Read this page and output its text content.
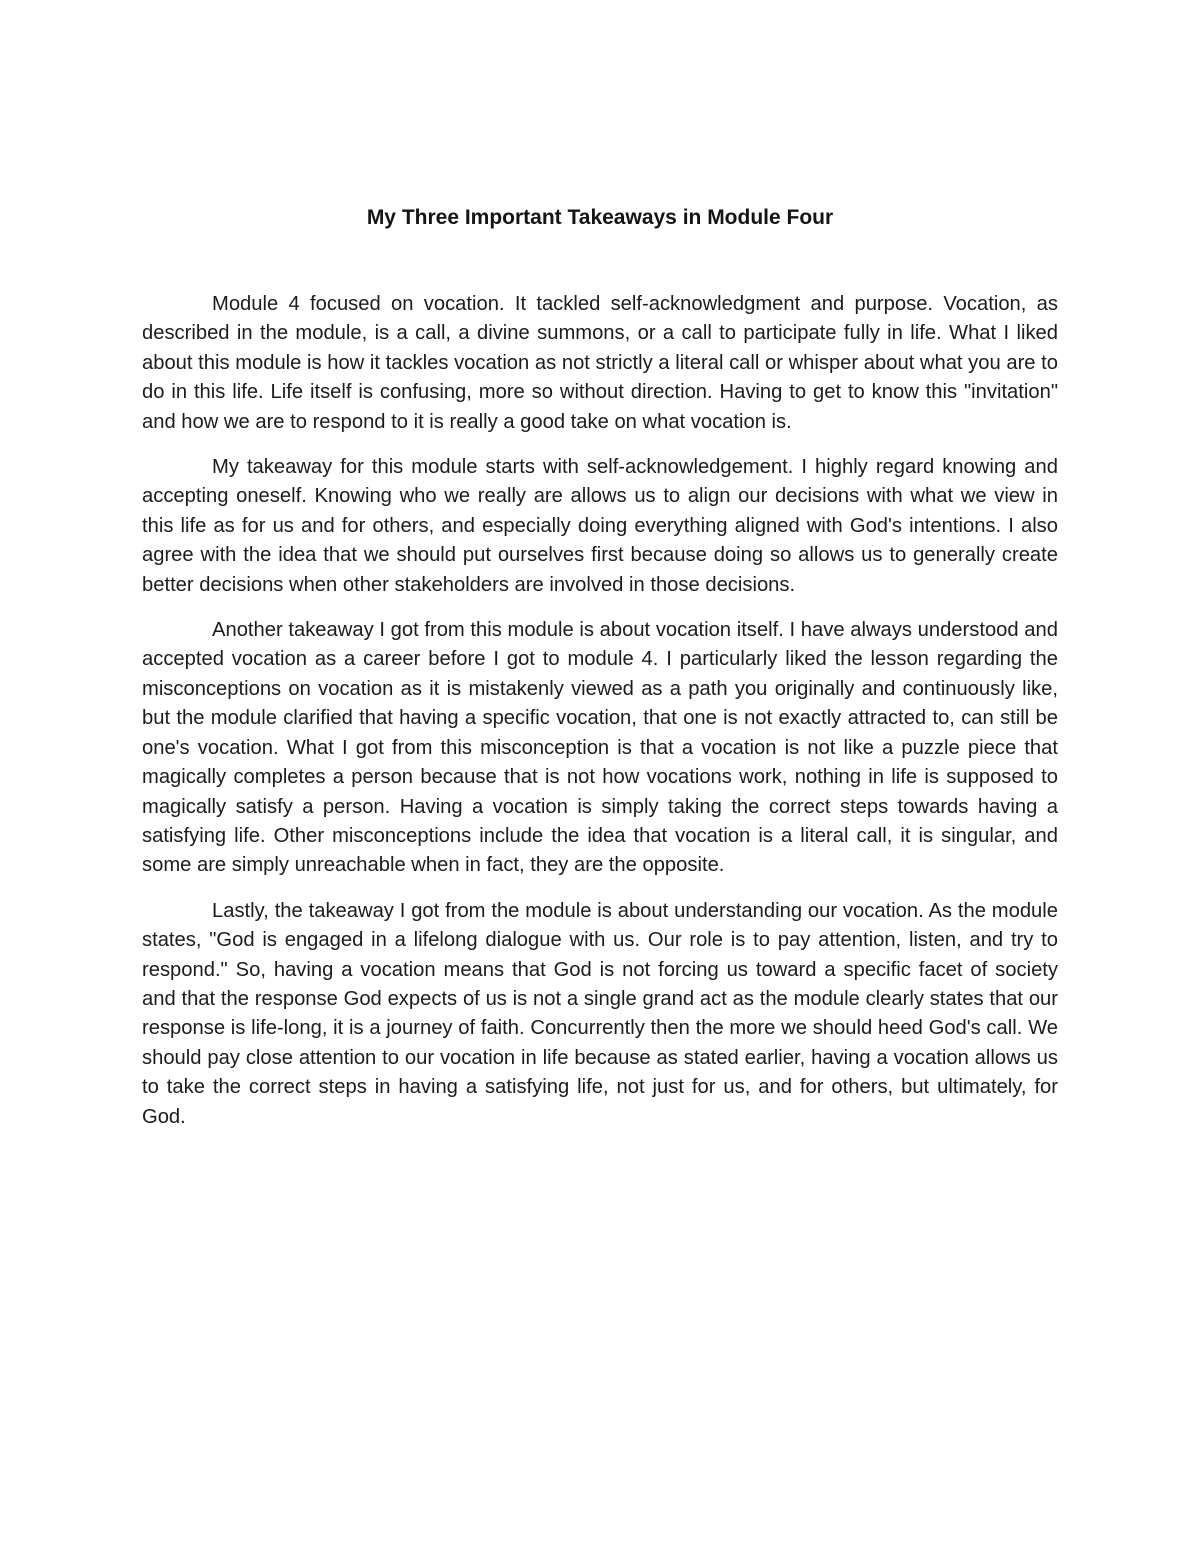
My Three Important Takeaways in Module Four

Module 4 focused on vocation. It tackled self-acknowledgment and purpose. Vocation, as described in the module, is a call, a divine summons, or a call to participate fully in life. What I liked about this module is how it tackles vocation as not strictly a literal call or whisper about what you are to do in this life. Life itself is confusing, more so without direction. Having to get to know this "invitation" and how we are to respond to it is really a good take on what vocation is.

My takeaway for this module starts with self-acknowledgement. I highly regard knowing and accepting oneself. Knowing who we really are allows us to align our decisions with what we view in this life as for us and for others, and especially doing everything aligned with God's intentions. I also agree with the idea that we should put ourselves first because doing so allows us to generally create better decisions when other stakeholders are involved in those decisions.

Another takeaway I got from this module is about vocation itself. I have always understood and accepted vocation as a career before I got to module 4. I particularly liked the lesson regarding the misconceptions on vocation as it is mistakenly viewed as a path you originally and continuously like, but the module clarified that having a specific vocation, that one is not exactly attracted to, can still be one's vocation. What I got from this misconception is that a vocation is not like a puzzle piece that magically completes a person because that is not how vocations work, nothing in life is supposed to magically satisfy a person. Having a vocation is simply taking the correct steps towards having a satisfying life. Other misconceptions include the idea that vocation is a literal call, it is singular, and some are simply unreachable when in fact, they are the opposite.

Lastly, the takeaway I got from the module is about understanding our vocation. As the module states, "God is engaged in a lifelong dialogue with us. Our role is to pay attention, listen, and try to respond." So, having a vocation means that God is not forcing us toward a specific facet of society and that the response God expects of us is not a single grand act as the module clearly states that our response is life-long, it is a journey of faith. Concurrently then the more we should heed God's call. We should pay close attention to our vocation in life because as stated earlier, having a vocation allows us to take the correct steps in having a satisfying life, not just for us, and for others, but ultimately, for God.
